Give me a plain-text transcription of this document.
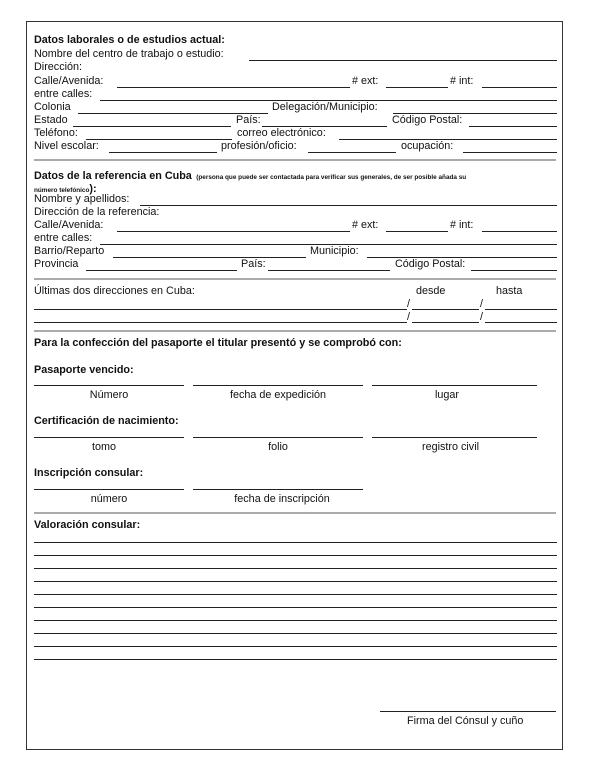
Datos laborales o de estudios actual:
Nombre del centro de trabajo o estudio:
Dirección:
Calle/Avenida:	# ext:	# int:
entre calles:
Colonia	Delegación/Municipio:
Estado	País:	Código Postal:
Teléfono:	correo electrónico:
Nivel escolar:	profesión/oficio:	ocupación:
Datos de la referencia en Cuba (persona que puede ser contactada para verificar sus generales, de ser posible añada su
número telefónico):
Nombre y apellidos:
Dirección de la referencia:
Calle/Avenida:	# ext:	# int:
entre calles:
Barrio/Reparto	Municipio:
Provincia	País:	Código Postal:
Últimas dos direcciones en Cuba:	desde	hasta
/	/
/	/
Para la confección del pasaporte el titular presentó y se comprobó con:
Pasaporte vencido:
Número	fecha de expedición	lugar
Certificación de nacimiento:
tomo	folio	registro civil
Inscripción consular:
número	fecha de inscripción
Valoración consular:
Firma del Cónsul y cuño
